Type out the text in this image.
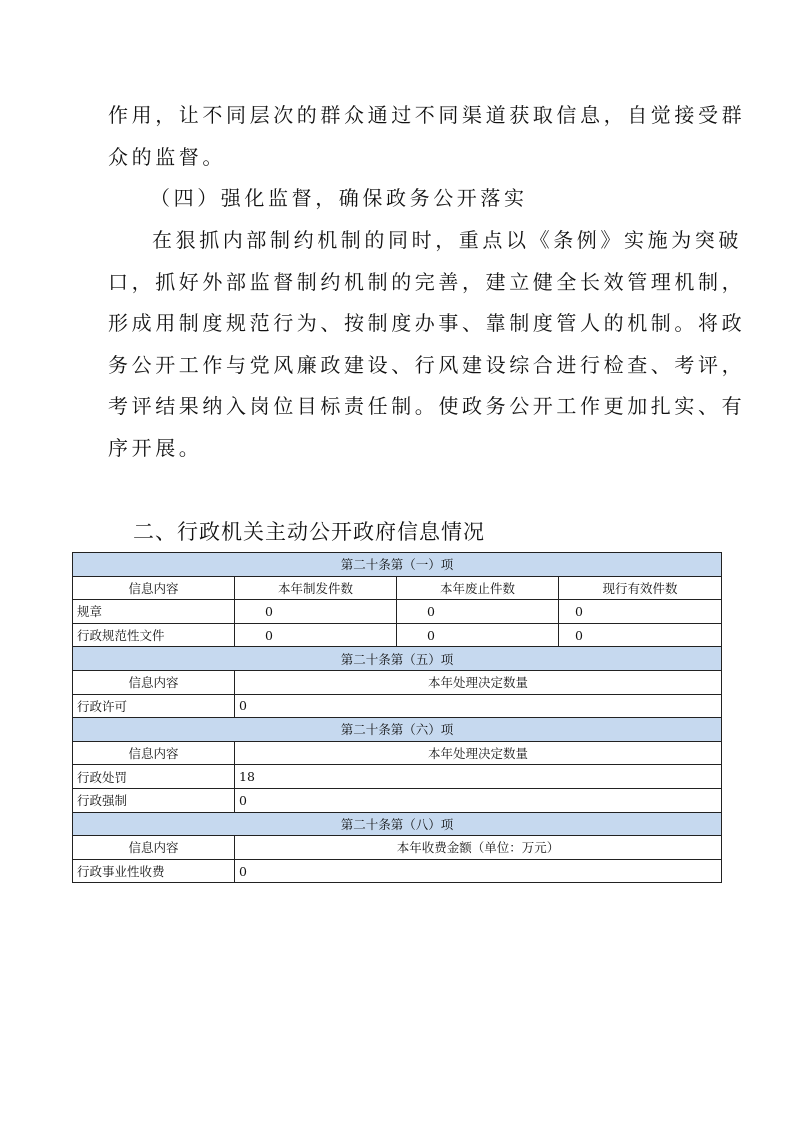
作用，让不同层次的群众通过不同渠道获取信息，自觉接受群
众的监督。
（四）强化监督，确保政务公开落实
在狠抓内部制约机制的同时，重点以《条例》实施为突破
口，抓好外部监督制约机制的完善，建立健全长效管理机制，
形成用制度规范行为、按制度办事、靠制度管人的机制。将政
务公开工作与党风廉政建设、行风建设综合进行检查、考评，
考评结果纳入岗位目标责任制。使政务公开工作更加扎实、有
序开展。
二、行政机关主动公开政府信息情况
第二十条第（一）项			
信息内容	本年制发件数	本年废止件数	现行有效件数
规章	0	0	0
行政规范性文件	0	0	0
第二十条第（五）项			
信息内容	本年处理决定数量		
行政许可	0		
第二十条第（六）项			
信息内容	本年处理决定数量		
行政处罚	18		
行政强制	0		
第二十条第（八）项			
信息内容	本年收费金额（单位：万元）		
行政事业性收费	0		
